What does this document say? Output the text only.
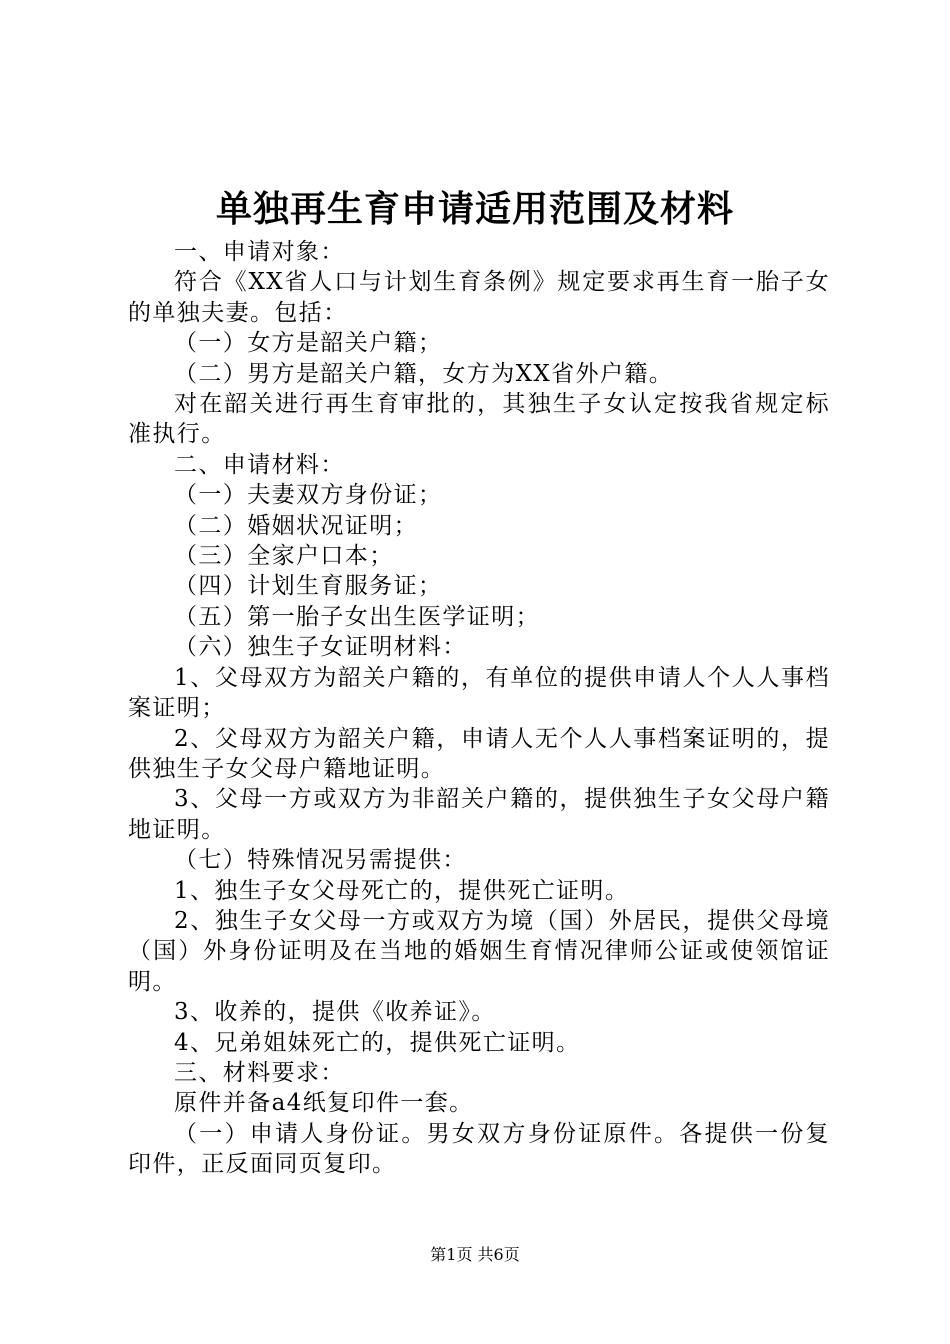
单独再生育申请适用范围及材料

一、申请对象：

符合《XX省人口与计划生育条例》规定要求再生育一胎子女的单独夫妻。包括：

（一）女方是韶关户籍；

（二）男方是韶关户籍，女方为XX省外户籍。

对在韶关进行再生育审批的，其独生子女认定按我省规定标准执行。

二、申请材料：

（一）夫妻双方身份证；

（二）婚姻状况证明；

（三）全家户口本；

（四）计划生育服务证；

（五）第一胎子女出生医学证明；

（六）独生子女证明材料：

1、父母双方为韶关户籍的，有单位的提供申请人个人人事档案证明；

2、父母双方为韶关户籍，申请人无个人人事档案证明的，提供独生子女父母户籍地证明。

3、父母一方或双方为非韶关户籍的，提供独生子女父母户籍地证明。

（七）特殊情况另需提供：

1、独生子女父母死亡的，提供死亡证明。

2、独生子女父母一方或双方为境（国）外居民，提供父母境（国）外身份证明及在当地的婚姻生育情况律师公证或使领馆证明。

3、收养的，提供《收养证》。

4、兄弟姐妹死亡的，提供死亡证明。

三、材料要求：

原件并备a4纸复印件一套。

（一）申请人身份证。男女双方身份证原件。各提供一份复印件，正反面同页复印。

第1页 共6页
